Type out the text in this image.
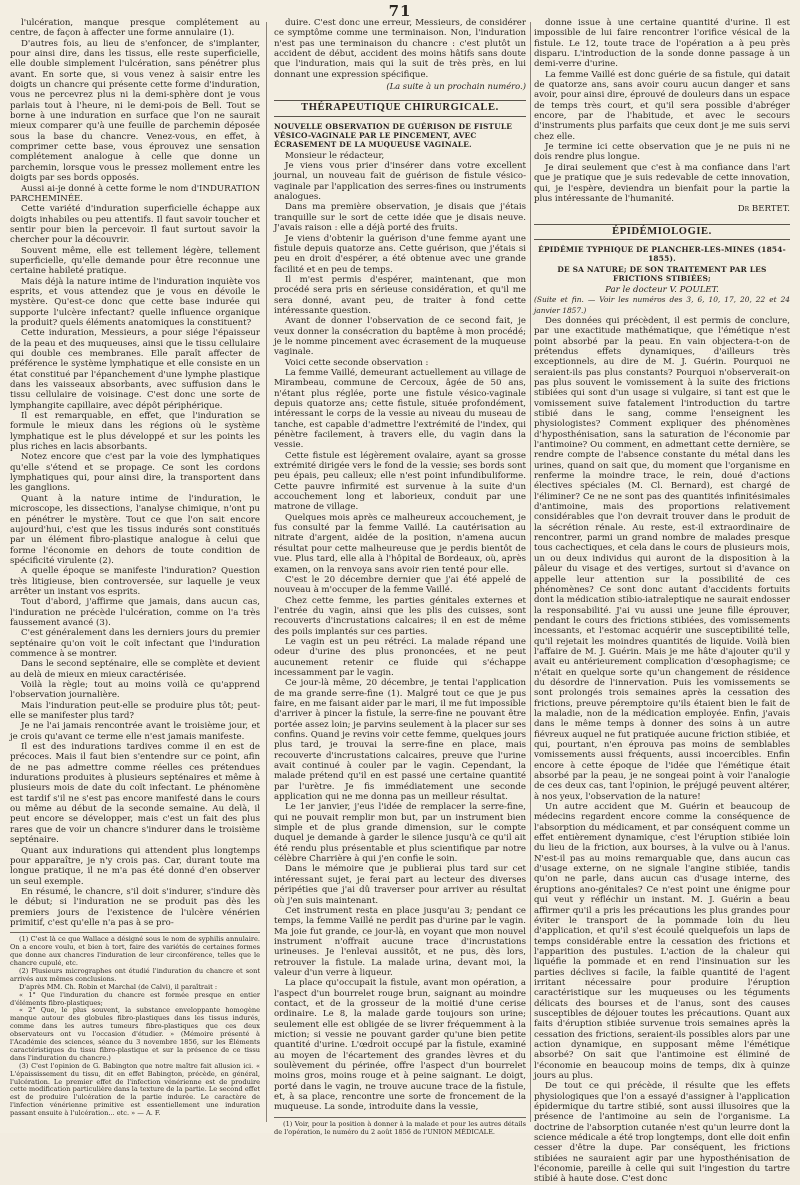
71

l'ulcération, manque presque complétement au centre, de façon à affecter une forme annulaire (1).

D'autres fois, au lieu de s'enfoncer, de s'implanter, pour ainsi dire, dans les tissus, elle reste superficielle, elle double simplement l'ulcération, sans pénétrer plus avant. En sorte que, si vous venez à saisir entre les doigts un chancre qui présente cette forme d'induration, vous ne percevrez plus ni la demi-sphère dont je vous parlais tout à l'heure, ni le demi-pois de Bell. Tout se borne à une induration en surface que l'on ne saurait mieux comparer qu'à une feuille de parchemin déposée sous la base du chancre. Venez-vous, en effet, à comprimer cette base, vous éprouvez une sensation complétement analogue à celle que donne un parchemin, lorsque vous le pressez mollement entre les doigts par ses bords opposés.

Aussi ai-je donné à cette forme le nom d'INDURATION PARCHEMINÉE.

Cette variété d'induration superficielle échappe aux doigts inhabiles ou peu attentifs. Il faut savoir toucher et sentir pour bien la percevoir. Il faut surtout savoir la chercher pour la découvrir.

Souvent même, elle est tellement légère, tellement superficielle, qu'elle demande pour être reconnue une certaine habileté pratique.

Mais déjà la nature intime de l'induration inquiète vos esprits, et vous attendez que je vous en dévoile le mystère. Qu'est-ce donc que cette base indurée qui supporte l'ulcère infectant? quelle influence organique la produit? quels éléments anatomiques la constituent?

Cette induration, Messieurs, a pour siége l'épaisseur de la peau et des muqueuses, ainsi que le tissu cellulaire qui double ces membranes. Elle paraît affecter de préférence le système lymphatique et elle consiste en un état constitué par l'épanchement d'une lymphe plastique dans les vaisseaux absorbants, avec suffusion dans le tissu cellulaire de voisinage. C'est donc une sorte de lymphangite capillaire, avec dépôt périphérique.

Il est remarquable, en effet, que l'induration se formule le mieux dans les régions où le système lymphatique est le plus développé et sur les points les plus riches en lacis absorbants.

Notez encore que c'est par la voie des lymphatiques qu'elle s'étend et se propage. Ce sont les cordons lymphatiques qui, pour ainsi dire, la transportent dans les ganglions.

Quant à la nature intime de l'induration, le microscope, les dissections, l'analyse chimique, n'ont pu en pénétrer le mystère. Tout ce que l'on sait encore aujourd'hui, c'est que les tissus indurés sont constitués par un élément fibro-plastique analogue à celui que forme l'économie en dehors de toute condition de spécificité virulente (2).

A quelle époque se manifeste l'induration? Question très litigieuse, bien controversée, sur laquelle je veux arrêter un instant vos esprits.

Tout d'abord, j'affirme que jamais, dans aucun cas, l'induration ne précède l'ulcération, comme on l'a très faussement avancé (3).

C'est généralement dans les derniers jours du premier septénaire qu'on voit le coït infectant que l'induration commence à se montrer.

Dans le second septénaire, elle se complète et devient au delà de mieux en mieux caractérisée.

Voilà la règle; tout au moins voilà ce qu'apprend l'observation journalière.

Mais l'induration peut-elle se produire plus tôt; peut-elle se manifester plus tard?

Je ne l'ai jamais rencontrée avant le troisième jour, et je crois qu'avant ce terme elle n'est jamais manifeste.

Il est des indurations tardives comme il en est de précoces. Mais il faut bien s'entendre sur ce point, afin de ne pas admettre comme réelles ces prétendues indurations produites à plusieurs septénaires et même à plusieurs mois de date du coït infectant. Le phénomène est tardif s'il ne s'est pas encore manifesté dans le cours ou même au début de la seconde semaine. Au delà, il peut encore se développer, mais c'est un fait des plus rares que de voir un chancre s'indurer dans le troisième septénaire.

Quant aux indurations qui attendent plus longtemps pour apparaître, je n'y crois pas. Car, durant toute ma longue pratique, il ne m'a pas été donné d'en observer un seul exemple.

En résumé, le chancre, s'il doit s'indurer, s'indure dès le début; si l'induration ne se produit pas dès les premiers jours de l'existence de l'ulcère vénérien primitif, c'est qu'elle n'a pas à se pro-

(1) C'est là ce que Wallace a désigné sous le nom de syphilis annulaire. On a encore voulu, et bien à tort, faire des variétés de certaines formes que donne aux chancres l'induration de leur circonférence, telles que le chancre cupulé, etc.

(2) Plusieurs micrographes ont étudié l'induration du chancre et sont arrivés aux mêmes conclusions.

D'après MM. Ch. Robin et Marchal (de Calvi), il paraîtrait :

« 1° Que l'induration du chancre est formée presque en entier d'éléments fibro-plastiques;

« 2° Que, le plus souvent, la substance enveloppante homogène manque autour des globules fibro-plastiques dans les tissus indurés, comme dans les autres tumeurs fibro-plastiques que ces deux observateurs ont vu l'occasion d'étudier. » (Mémoire présenté à l'Académie des sciences, séance du 3 novembre 1856, sur les Éléments caractéristiques du tissu fibro-plastique et sur la présence de ce tissu dans l'induration du chancre.)

(3) C'est l'opinion de G. Babington que notre maître fait allusion ici. « L'épaississement du tissu, dit en effet Babington, précède, en général, l'ulcération. Le premier effet de l'infection vénérienne est de produire cette modification particulière dans la texture de la partie. Le second effet est de produire l'ulcération de la partie indurée. Le caractère de l'infection vénérienne primitive est essentiellement une induration passant ensuite à l'ulcération... etc. » — A. F.

duire. C'est donc une erreur, Messieurs, de considérer ce symptôme comme une terminaison. Non, l'induration n'est pas une terminaison du chancre : c'est plutôt un accident de début, accident des moins hâtifs sans doute que l'induration, mais qui la suit de très près, en lui donnant une expression spécifique.

(La suite à un prochain numéro.)

THÉRAPEUTIQUE CHIRURGICALE.

NOUVELLE OBSERVATION DE GUÉRISON DE FISTULE VÉSICO-VAGINALE PAR LE PINCEMENT, AVEC ÉCRASEMENT DE LA MUQUEUSE VAGINALE.

Monsieur le rédacteur,

Je viens vous prier d'insérer dans votre excellent journal, un nouveau fait de guérison de fistule vésico-vaginale par l'application des serres-fines ou instruments analogues.

Dans ma première observation, je disais que j'étais tranquille sur le sort de cette idée que je disais neuve. J'avais raison : elle a déjà porté des fruits.

Je viens d'obtenir la guérison d'une femme ayant une fistule depuis quatorze ans. Cette guérison, que j'étais si peu en droit d'espérer, a été obtenue avec une grande facilité et en peu de temps.

Il m'est permis d'espérer, maintenant, que mon procédé sera pris en sérieuse considération, et qu'il me sera donné, avant peu, de traiter à fond cette intéressante question.

Avant de donner l'observation de ce second fait, je veux donner la consécration du baptême à mon procédé; je le nomme pincement avec écrasement de la muqueuse vaginale.

Voici cette seconde observation :

La femme Vaillé, demeurant actuellement au village de Mirambeau, commune de Cercoux, âgée de 50 ans, n'étant plus réglée, porte une fistule vésico-vaginale depuis quatorze ans; cette fistule, située profondément, intéressant le corps de la vessie au niveau du museau de tanche, est capable d'admettre l'extrémité de l'index, qui pénètre facilement, à travers elle, du vagin dans la vessie.

Cette fistule est légèrement ovalaire, ayant sa grosse extrémité dirigée vers le fond de la vessie; ses bords sont peu épais, peu calleux; elle n'est point infundibuliforme. Cette pauvre infirmité est survenue à la suite d'un accouchement long et laborieux, conduit par une matrone de village.

Quelques mois après ce malheureux accouchement, je fus consulté par la femme Vaillé. La cautérisation au nitrate d'argent, aidée de la position, n'amena aucun résultat pour cette malheureuse que je perdis bientôt de vue. Plus tard, elle alla à l'hôpital de Bordeaux, où, après examen, on la renvoya sans avoir rien tenté pour elle.

C'est le 20 décembre dernier que j'ai été appelé de nouveau à m'occuper de la femme Vaillé.

Chez cette femme, les parties génitales externes et l'entrée du vagin, ainsi que les plis des cuisses, sont recouverts d'incrustations calcaires; il en est de même des poils implantés sur ces parties.

Le vagin est un peu rétréci. La malade répand une odeur d'urine des plus prononcées, et ne peut aucunement retenir ce fluide qui s'échappe incessamment par le vagin.

Ce jour-là même, 20 décembre, je tentai l'application de ma grande serre-fine (1). Malgré tout ce que je pus faire, en me faisant aider par le mari, il me fut impossible d'arriver à pincer la fistule, la serre-fine ne pouvant être portée assez loin; je parvins seulement à la placer sur ses confins. Quand je revins voir cette femme, quelques jours plus tard, je trouvai la serre-fine en place, mais recouverte d'incrustations calcaires, preuve que l'urine avait continué à couler par le vagin. Cependant, la malade prétend qu'il en est passé une certaine quantité par l'urètre. Je fis immédiatement une seconde application qui ne me donna pas un meilleur résultat.

Le 1er janvier, j'eus l'idée de remplacer la serre-fine, qui ne pouvait remplir mon but, par un instrument bien simple et de plus grande dimension, sur le compte duquel je demande à garder le silence jusqu'à ce qu'il ait été rendu plus présentable et plus scientifique par notre célèbre Charrière à qui j'en confie le soin.

Dans le mémoire que je publierai plus tard sur cet intéressant sujet, je ferai part au lecteur des diverses péripéties que j'ai dû traverser pour arriver au résultat où j'en suis maintenant.

Cet instrument resta en place jusqu'au 3; pendant ce temps, la femme Vaillé ne perdit pas d'urine par le vagin. Ma joie fut grande, ce jour-là, en voyant que mon nouvel instrument n'offrait aucune trace d'incrustations urineuses. Je l'enlevai aussitôt, et ne pus, dès lors, retrouver la fistule. La malade urina, devant moi, la valeur d'un verre à liqueur.

La place qu'occupait la fistule, avant mon opération, a l'aspect d'un bourrelet rouge brun, saignant au moindre contact, et de la grosseur de la moitié d'une cerise ordinaire. Le 8, la malade garde toujours son urine; seulement elle est obligée de se livrer fréquemment à la miction; si vessie ne pouvant garder qu'une bien petite quantité d'urine. L'œdroit occupé par la fistule, examiné au moyen de l'écartement des grandes lèvres et du soulèvement du périnée, offre l'aspect d'un bourrelet moins gros, moins rouge et à peine saignant. Le doigt, porté dans le vagin, ne trouve aucune trace de la fistule, et, à sa place, rencontre une sorte de froncement de la muqueuse. La sonde, introduite dans la vessie,

(1) Voir, pour la position à donner à la malade et pour les autres détails de l'opération, le numéro du 2 août 1856 de l'UNION MÉDICALE.

donne issue à une certaine quantité d'urine. Il est impossible de lui faire rencontrer l'orifice vésical de la fistule. Le 12, toute trace de l'opération a à peu près disparu. L'introduction de la sonde donne passage à un demi-verre d'urine.

La femme Vaillé est donc guérie de sa fistule, qui datait de quatorze ans, sans avoir couru aucun danger et sans avoir, pour ainsi dire, éprouvé de douleurs dans un espace de temps très court, et qu'il sera possible d'abréger encore, par de l'habitude, et avec le secours d'instruments plus parfaits que ceux dont je me suis servi chez elle.

Je termine ici cette observation que je ne puis ni ne dois rendre plus longue.

Je dirai seulement que c'est à ma confiance dans l'art que je pratique que je suis redevable de cette innovation, qui, je l'espère, deviendra un bienfait pour la partie la plus intéressante de l'humanité.

Dr BERTET.

ÉPIDÉMIOLOGIE.

ÉPIDÉMIE TYPHIQUE DE PLANCHER-LES-MINES (1854-1855).

DE SA NATURE; DE SON TRAITEMENT PAR LES FRICTIONS STIBIÉES;

Par le docteur V. POULET.

(Suite et fin. — Voir les numéros des 3, 6, 10, 17, 20, 22 et 24 janvier 1857.)

Des données qui précèdent, il est permis de conclure, par une exactitude mathématique, que l'émétique n'est point absorbé par la peau. En vain objectera-t-on de prétendus effets dynamiques, d'ailleurs très exceptionnels, au dire de M. J. Guérin. Pourquoi ne seraient-ils pas plus constants? Pourquoi n'observerait-on pas plus souvent le vomissement à la suite des frictions stibiées qui sont d'un usage si vulgaire, si tant est que le vomissement suive fatalement l'introduction du tartre stibié dans le sang, comme l'enseignent les physiologistes? Comment expliquer des phénomènes d'hyposthénisation, sans la saturation de l'économie par l'antimoine? Ou comment, en admettant cette dernière, se rendre compte de l'absence constante du métal dans les urines, quand on sait que, du moment que l'organisme en renferme la moindre trace, le rein, doué d'actions électives spéciales (M. Cl. Bernard), est chargé de l'éliminer? Ce ne ne sont pas des quantités infinitésimales d'antimoine, mais des proportions relativement considérables que l'on devrait trouver dans le produit de la sécrétion rénale. Au reste, est-il extraordinaire de rencontrer, parmi un grand nombre de malades presque tous cachectiques, et cela dans le cours de plusieurs mois, un ou deux individus qui auront de la disposition à la pâleur du visage et des vertiges, surtout si d'avance on appelle leur attention sur la possibilité de ces phénomènes? Ce sont donc autant d'accidents fortuits dont la médication stibio-iatraleptique ne saurait endosser la responsabilité. J'ai vu aussi une jeune fille éprouver, pendant le cours des frictions stibiées, des vomissements incessants, et l'estomac acquérir une susceptibilité telle, qu'il rejetait les moindres quantités de liquide. Voilà bien l'affaire de M. J. Guérin. Mais je me hâte d'ajouter qu'il y avait eu antérieurement complication d'œsophagisme; ce n'était en quelque sorte qu'un changement de résidence du désordre de l'innervation. Puis les vomissements se sont prolongés trois semaines après la cessation des frictions, preuve péremptoire qu'ils étaient bien le fait de la maladie, non de la médication employée. Enfin, j'avais dans le même temps à donner des soins à un autre fiévreux auquel ne fut pratiquée aucune friction stibiée, et qui, pourtant, n'en éprouva pas moins de semblables vomissements aussi fréquents, aussi incoercibles. Enfin encore à cette époque de l'idée que l'émétique était absorbé par la peau, je ne songeai point à voir l'analogie de ces deux cas, tant l'opinion, le préjugé peuvent altérer, à nos yeux, l'observation de la nature!

Un autre accident que M. Guérin et beaucoup de médecins regardent encore comme la conséquence de l'absorption du médicament, et par conséquent comme un effet entièrement dynamique, c'est l'éruption stibiée loin du lieu de la friction, aux bourses, à la vulve ou à l'anus. N'est-il pas au moins remarquable que, dans aucun cas d'usage externe, on ne signale l'angine stibiée, tandis qu'on ne parle, dans aucun cas d'usage interne, des éruptions ano-génitales? Ce n'est point une énigme pour qui veut y réfléchir un instant. M. J. Guérin a beau affirmer qu'il a pris les précautions les plus grandes pour éviter le transport de la pommade loin du lieu d'application, et qu'il s'est écoulé quelquefois un laps de temps considérable entre la cessation des frictions et l'apparition des pustules. L'action de la chaleur qui liquéfie la pommade et en rend l'insinuation sur les parties déclives si facile, la faible quantité de l'agent irritant nécessaire pour produire l'éruption caractéristique sur les muqueuses ou les téguments délicats des bourses et de l'anus, sont des causes susceptibles de déjouer toutes les précautions. Quant aux faits d'éruption stibiée survenue trois semaines après la cessation des frictions, seraient-ils possibles alors par une action dynamique, en supposant même l'émétique absorbé? On sait que l'antimoine est éliminé de l'économie en beaucoup moins de temps, dix à quinze jours au plus.

De tout ce qui précède, il résulte que les effets physiologiques que l'on a essayé d'assigner à l'application épidermique du tartre stibié, sont aussi illusoires que la présence de l'antimoine au sein de l'organisme. La doctrine de l'absorption cutanée n'est qu'un leurre dont la science médicale a été trop longtemps, dont elle doit enfin cesser d'être la dupe. Par conséquent, les frictions stibiées ne sauraient agir par une hyposthénisation de l'économie, pareille à celle qui suit l'ingestion du tartre stibié à haute dose. C'est donc
